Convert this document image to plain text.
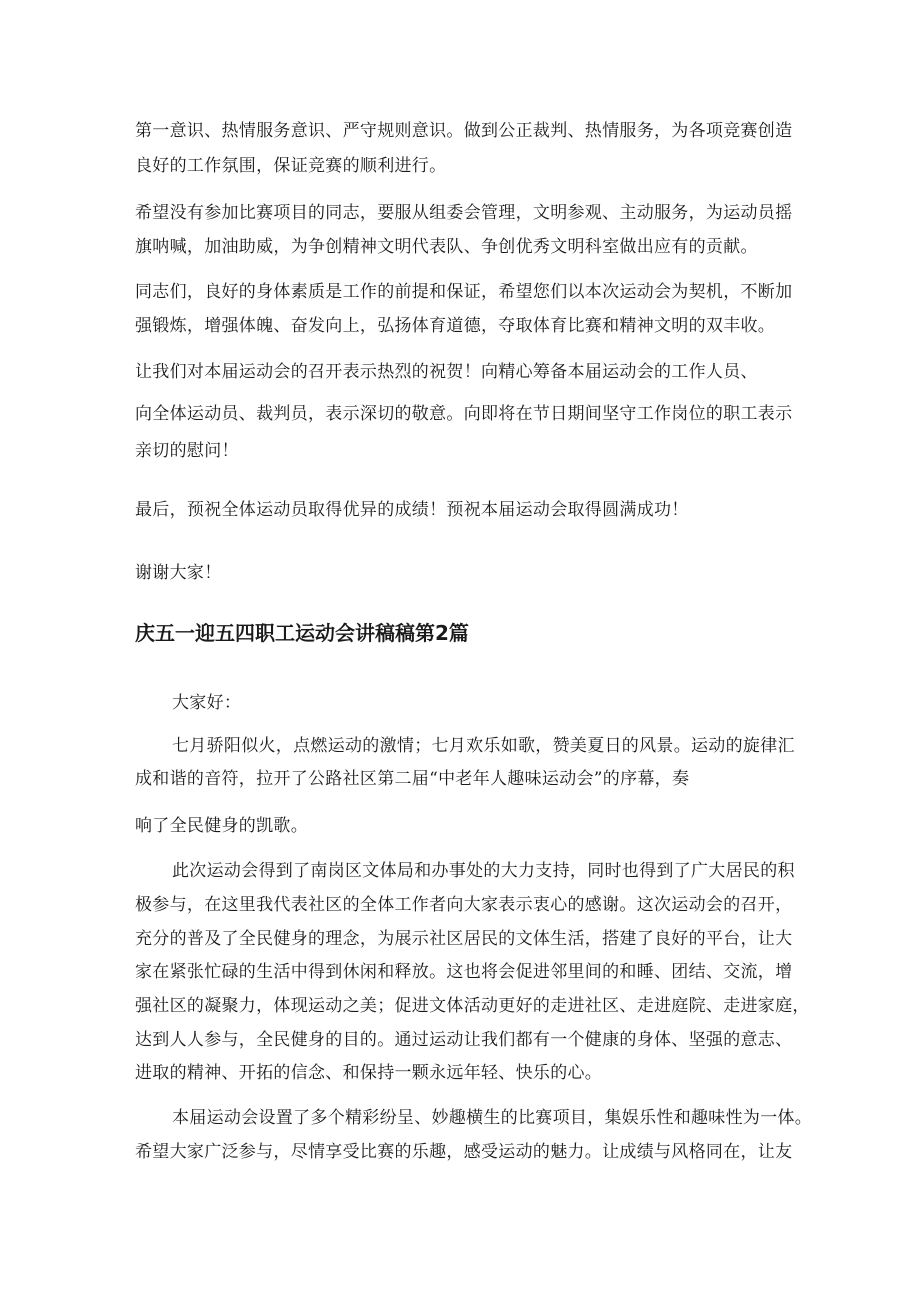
第一意识、热情服务意识、严守规则意识。做到公正裁判、热情服务，为各项竞赛创造

良好的工作氛围，保证竞赛的顺利进行。

希望没有参加比赛项目的同志，要服从组委会管理，文明参观、主动服务，为运动员摇

旗呐喊，加油助威，为争创精神文明代表队、争创优秀文明科室做出应有的贡献。

同志们，良好的身体素质是工作的前提和保证，希望您们以本次运动会为契机，不断加

强锻炼，增强体魄、奋发向上，弘扬体育道德，夺取体育比赛和精神文明的双丰收。

让我们对本届运动会的召开表示热烈的祝贺！向精心筹备本届运动会的工作人员、

向全体运动员、裁判员，表示深切的敬意。向即将在节日期间坚守工作岗位的职工表示

亲切的慰问！

最后，预祝全体运动员取得优异的成绩！预祝本届运动会取得圆满成功！

谢谢大家！

庆五一迎五四职工运动会讲稿稿第2篇

大家好：

七月骄阳似火，点燃运动的激情；七月欢乐如歌，赞美夏日的风景。运动的旋律汇

成和谐的音符，拉开了公路社区第二届“中老年人趣味运动会”的序幕，奏

响了全民健身的凯歌。

此次运动会得到了南岗区文体局和办事处的大力支持，同时也得到了广大居民的积

极参与，在这里我代表社区的全体工作者向大家表示衷心的感谢。这次运动会的召开，

充分的普及了全民健身的理念，为展示社区居民的文体生活，搭建了良好的平台，让大

家在紧张忙碌的生活中得到休闲和释放。这也将会促进邻里间的和睡、团结、交流，增

强社区的凝聚力，体现运动之美；促进文体活动更好的走进社区、走进庭院、走进家庭，

达到人人参与，全民健身的目的。通过运动让我们都有一个健康的身体、坚强的意志、

进取的精神、开拓的信念、和保持一颗永远年轻、快乐的心。

本届运动会设置了多个精彩纷呈、妙趣横生的比赛项目，集娱乐性和趣味性为一体。

希望大家广泛参与，尽情享受比赛的乐趣，感受运动的魅力。让成绩与风格同在，让友
